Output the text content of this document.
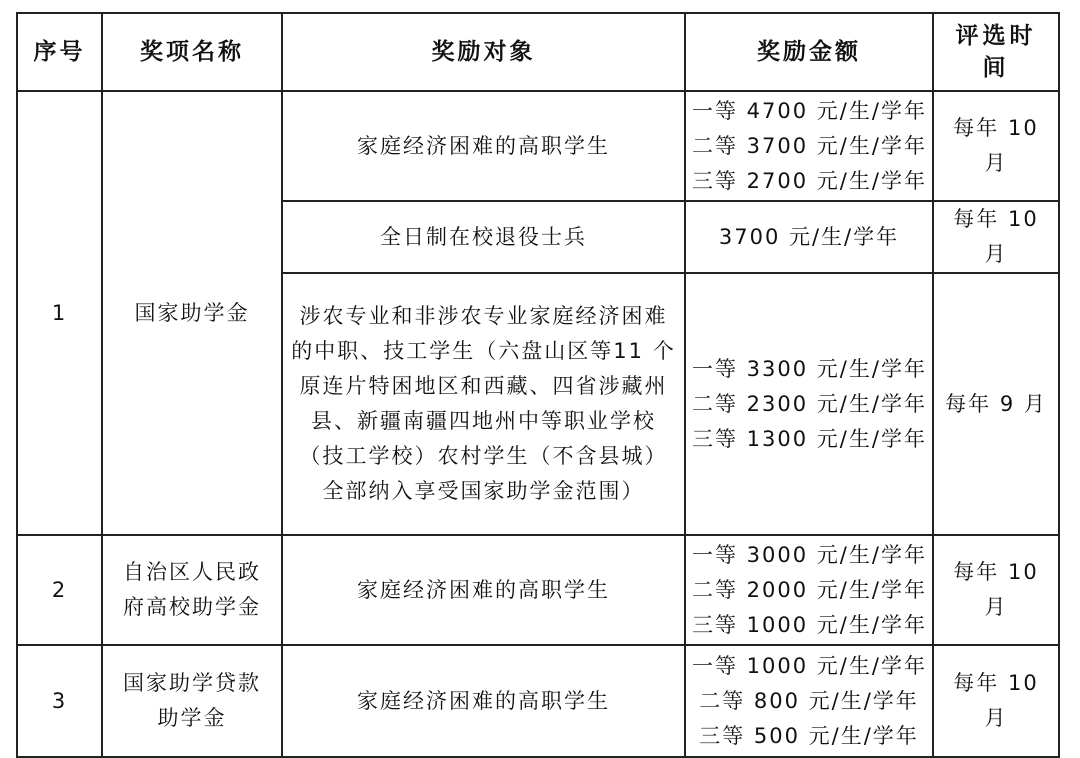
序号	奖项名称	奖励对象	奖励金额	评选时
间

1	国家助学金	家庭经济困难的高职学生	一等 4700 元/生/学年
二等 3700 元/生/学年
三等 2700 元/生/学年	每年 10 月
		全日制在校退役士兵	3700 元/生/学年	每年 10 月
		涉农专业和非涉农专业家庭经济困难的中职、技工学生（六盘山区等11 个原连片特困地区和西藏、四省涉藏州县、新疆南疆四地州中等职业学校（技工学校）农村学生（不含县城）全部纳入享受国家助学金范围）	一等 3300 元/生/学年
二等 2300 元/生/学年
三等 1300 元/生/学年	每年 9 月
2	自治区人民政
府高校助学金	家庭经济困难的高职学生	一等 3000 元/生/学年
二等 2000 元/生/学年
三等 1000 元/生/学年	每年 10 月
3	国家助学贷款
助学金	家庭经济困难的高职学生	一等 1000 元/生/学年
二等 800 元/生/学年
三等 500 元/生/学年	每年 10 月
